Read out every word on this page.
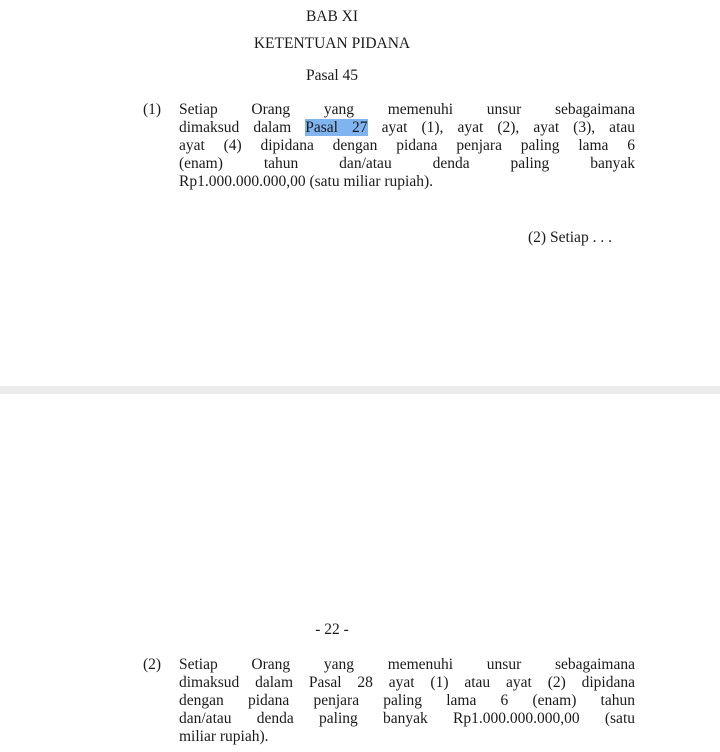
BAB XI
KETENTUAN PIDANA
Pasal 45
(1) Setiap Orang yang memenuhi unsur sebagaimana
dimaksud dalam Pasal 27 ayat (1), ayat (2), ayat (3), atau
ayat (4) dipidana dengan pidana penjara paling lama 6
(enam) tahun dan/atau denda paling banyak
Rp1.000.000.000,00 (satu miliar rupiah).
(2) Setiap . . .
- 22 -
(2) Setiap Orang yang memenuhi unsur sebagaimana
dimaksud dalam Pasal 28 ayat (1) atau ayat (2) dipidana
dengan pidana penjara paling lama 6 (enam) tahun
dan/atau denda paling banyak Rp1.000.000.000,00 (satu
miliar rupiah).
